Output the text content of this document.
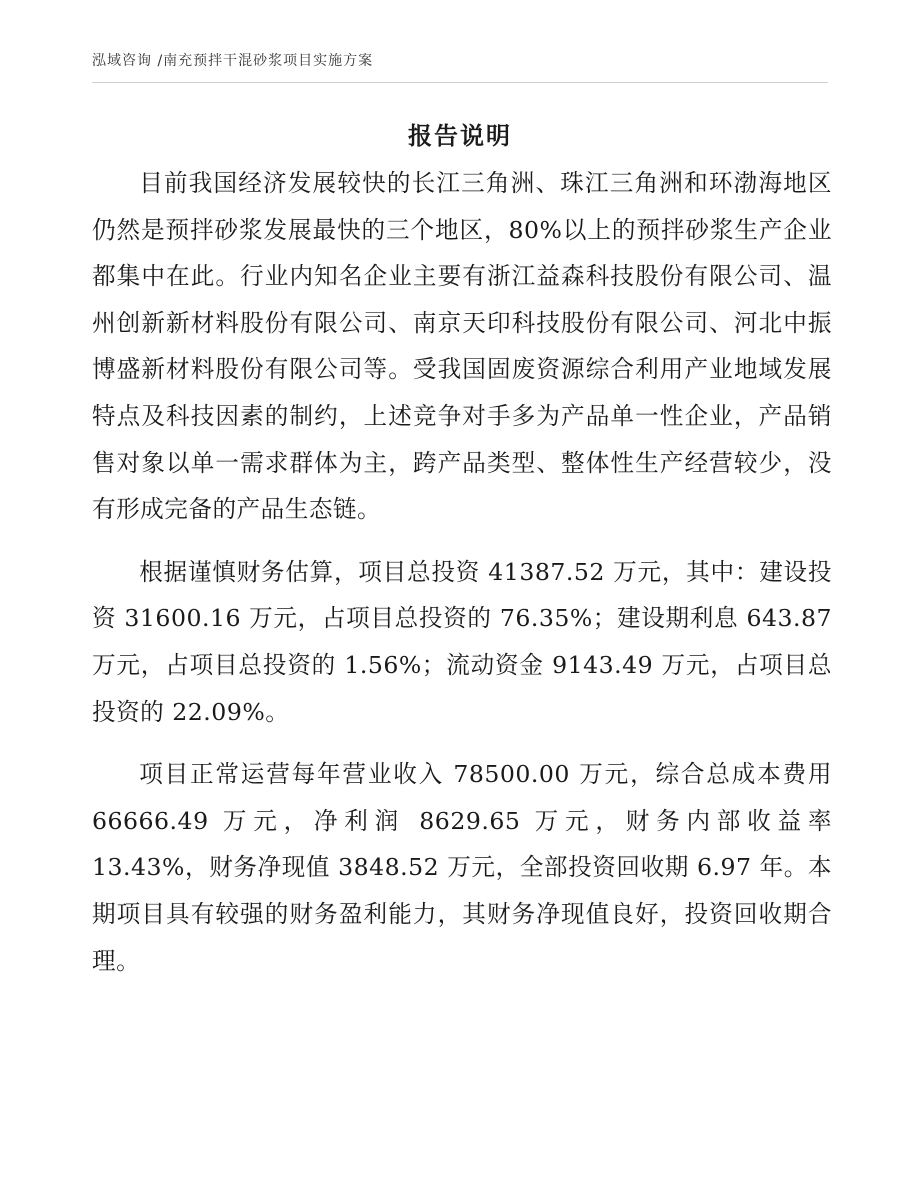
泓域咨询 /南充预拌干混砂浆项目实施方案
报告说明

目前我国经济发展较快的长江三角洲、珠江三角洲和环渤海地区仍然是预拌砂浆发展最快的三个地区，80%以上的预拌砂浆生产企业都集中在此。行业内知名企业主要有浙江益森科技股份有限公司、温州创新新材料股份有限公司、南京天印科技股份有限公司、河北中振博盛新材料股份有限公司等。受我国固废资源综合利用产业地域发展特点及科技因素的制约，上述竞争对手多为产品单一性企业，产品销售对象以单一需求群体为主，跨产品类型、整体性生产经营较少，没有形成完备的产品生态链。

根据谨慎财务估算，项目总投资 41387.52 万元，其中：建设投资 31600.16 万元，占项目总投资的 76.35%；建设期利息 643.87 万元，占项目总投资的 1.56%；流动资金 9143.49 万元，占项目总投资的 22.09%。

项目正常运营每年营业收入 78500.00 万元，综合总成本费用 66666.49 万元，净利润 8629.65 万元，财务内部收益率 13.43%，财务净现值 3848.52 万元，全部投资回收期 6.97 年。本期项目具有较强的财务盈利能力，其财务净现值良好，投资回收期合理。
